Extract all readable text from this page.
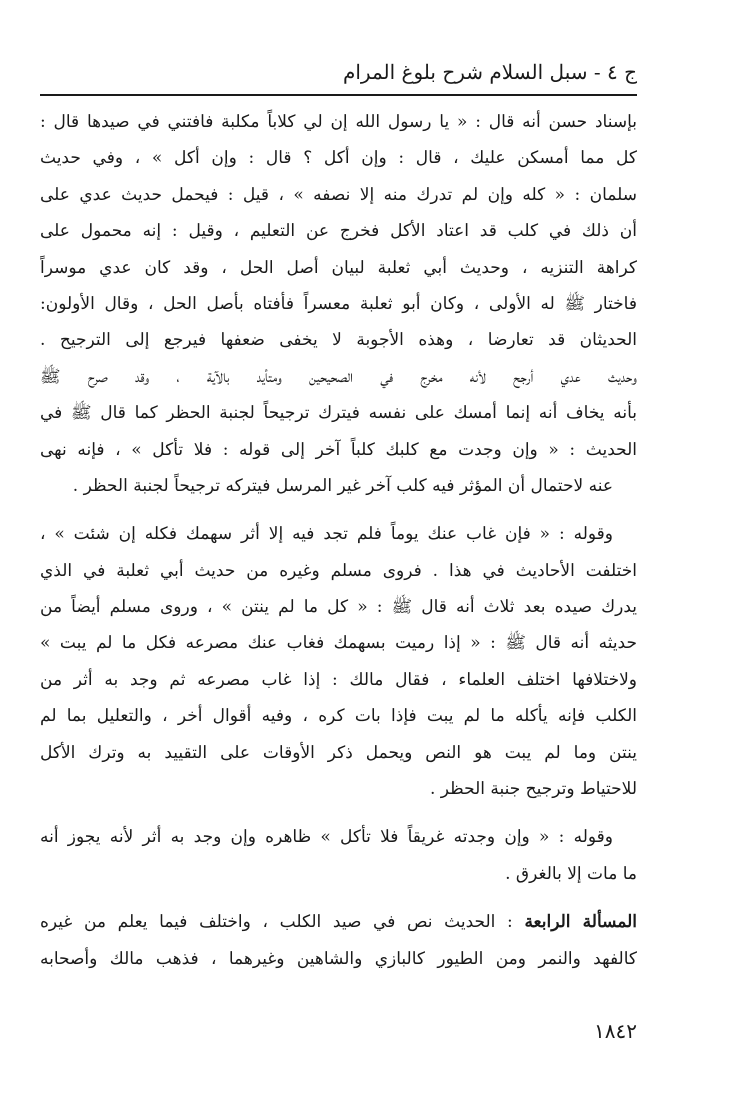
ج ٤ - سبل السلام شرح بلوغ المرام
بإسناد حسن أنه قال : « يا رسول الله إن لي كلاباً مكلبة فافتني في صيدها قال :
كل مما أمسكن عليك ، قال : وإن أكل ؟ قال : وإن أكل » ، وفي حديث
سلمان : « كله وإن لم تدرك منه إلا نصفه » ، قيل : فيحمل حديث عدي على
أن ذلك في كلب قد اعتاد الأكل فخرج عن التعليم ، وقيل : إنه محمول على
كراهة التنزيه ، وحديث أبي ثعلبة لبيان أصل الحل ، وقد كان عدي موسراً
فاختار ﷺ له الأولى ، وكان أبو ثعلبة معسراً فأفتاه بأصل الحل ، وقال الأولون:
الحديثان قد تعارضا ، وهذه الأجوبة لا يخفى ضعفها فيرجع إلى الترجيح .
وحديث عدي أرجح لأنه مخرج في الصحيحين ومتأيد بالآية ، وقد صرح ﷺ
بأنه يخاف أنه إنما أمسك على نفسه فيترك ترجيحاً لجنبة الحظر كما قال ﷺ في
الحديث : « وإن وجدت مع كلبك كلباً آخر إلى قوله : فلا تأكل » ، فإنه نهى
عنه لاحتمال أن المؤثر فيه كلب آخر غير المرسل فيتركه ترجيحاً لجنبة الحظر .
وقوله : « فإن غاب عنك يوماً فلم تجد فيه إلا أثر سهمك فكله إن شئت » ،
اختلفت الأحاديث في هذا . فروى مسلم وغيره من حديث أبي ثعلبة في الذي
يدرك صيده بعد ثلاث أنه قال ﷺ : « كل ما لم ينتن » ، وروى مسلم أيضاً من
حديثه أنه قال ﷺ : « إذا رميت بسهمك فغاب عنك مصرعه فكل ما لم يبت »
ولاختلافها اختلف العلماء ، فقال مالك : إذا غاب مصرعه ثم وجد به أثر من
الكلب فإنه يأكله ما لم يبت فإذا بات كره ، وفيه أقوال أخر ، والتعليل بما لم
ينتن وما لم يبت هو النص ويحمل ذكر الأوقات على التقييد به وترك الأكل
للاحتياط وترجيح جنبة الحظر .
وقوله : « وإن وجدته غريقاً فلا تأكل » ظاهره وإن وجد به أثر لأنه يجوز أنه
ما مات إلا بالغرق .
المسألة الرابعة : الحديث نص في صيد الكلب ، واختلف فيما يعلم من غيره
كالفهد والنمر ومن الطيور كالبازي والشاهين وغيرهما ، فذهب مالك وأصحابه
١٨٤٢
